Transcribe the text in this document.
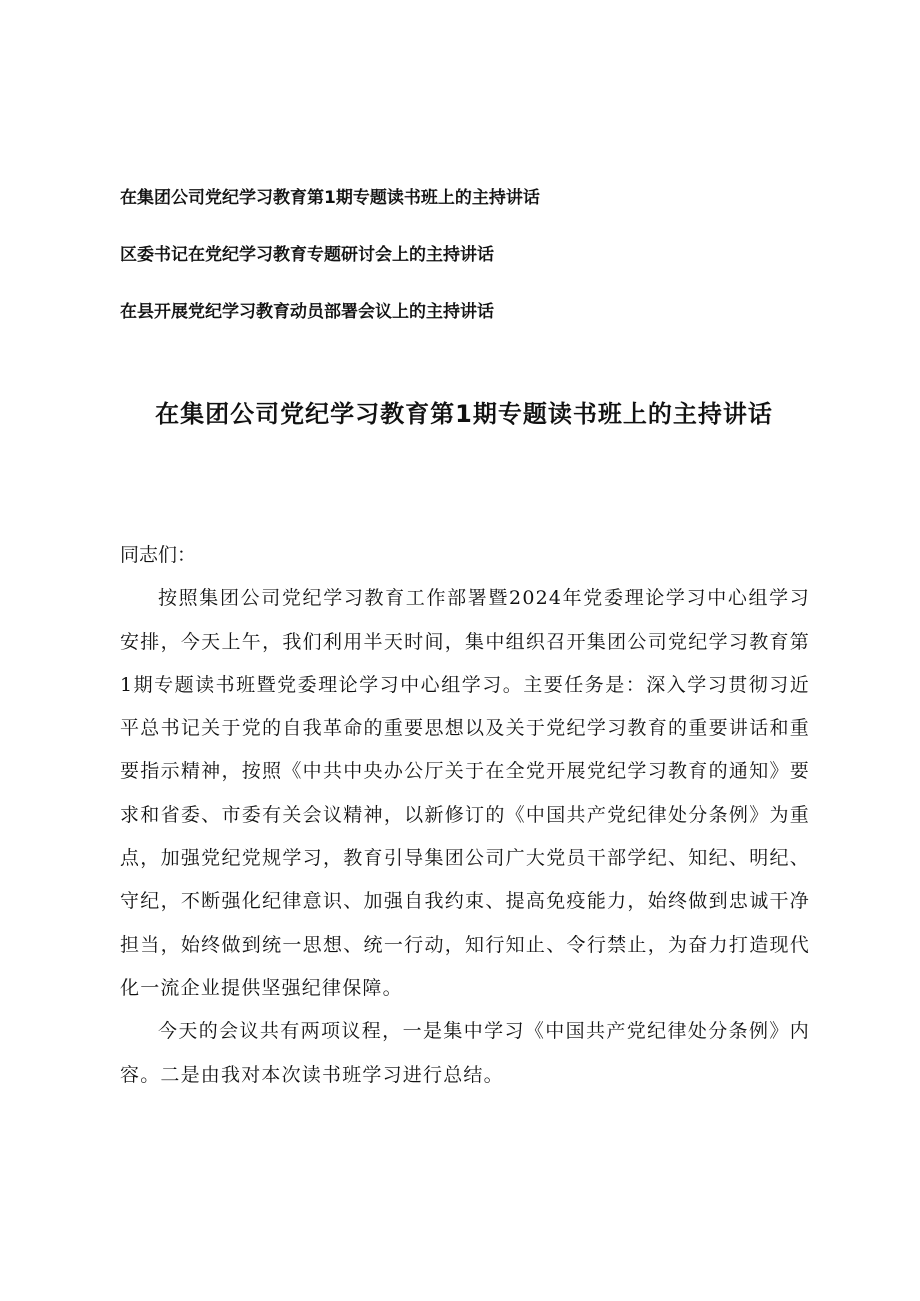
在集团公司党纪学习教育第1期专题读书班上的主持讲话
区委书记在党纪学习教育专题研讨会上的主持讲话
在县开展党纪学习教育动员部署会议上的主持讲话
在集团公司党纪学习教育第1期专题读书班上的主持讲话

同志们：

按照集团公司党纪学习教育工作部署暨2024年党委理论学习中心组学习安排，今天上午，我们利用半天时间，集中组织召开集团公司党纪学习教育第1期专题读书班暨党委理论学习中心组学习。主要任务是：深入学习贯彻习近平总书记关于党的自我革命的重要思想以及关于党纪学习教育的重要讲话和重要指示精神，按照《中共中央办公厅关于在全党开展党纪学习教育的通知》要求和省委、市委有关会议精神，以新修订的《中国共产党纪律处分条例》为重点，加强党纪党规学习，教育引导集团公司广大党员干部学纪、知纪、明纪、守纪，不断强化纪律意识、加强自我约束、提高免疫能力，始终做到忠诚干净担当，始终做到统一思想、统一行动，知行知止、令行禁止，为奋力打造现代化一流企业提供坚强纪律保障。

今天的会议共有两项议程，一是集中学习《中国共产党纪律处分条例》内容。二是由我对本次读书班学习进行总结。
